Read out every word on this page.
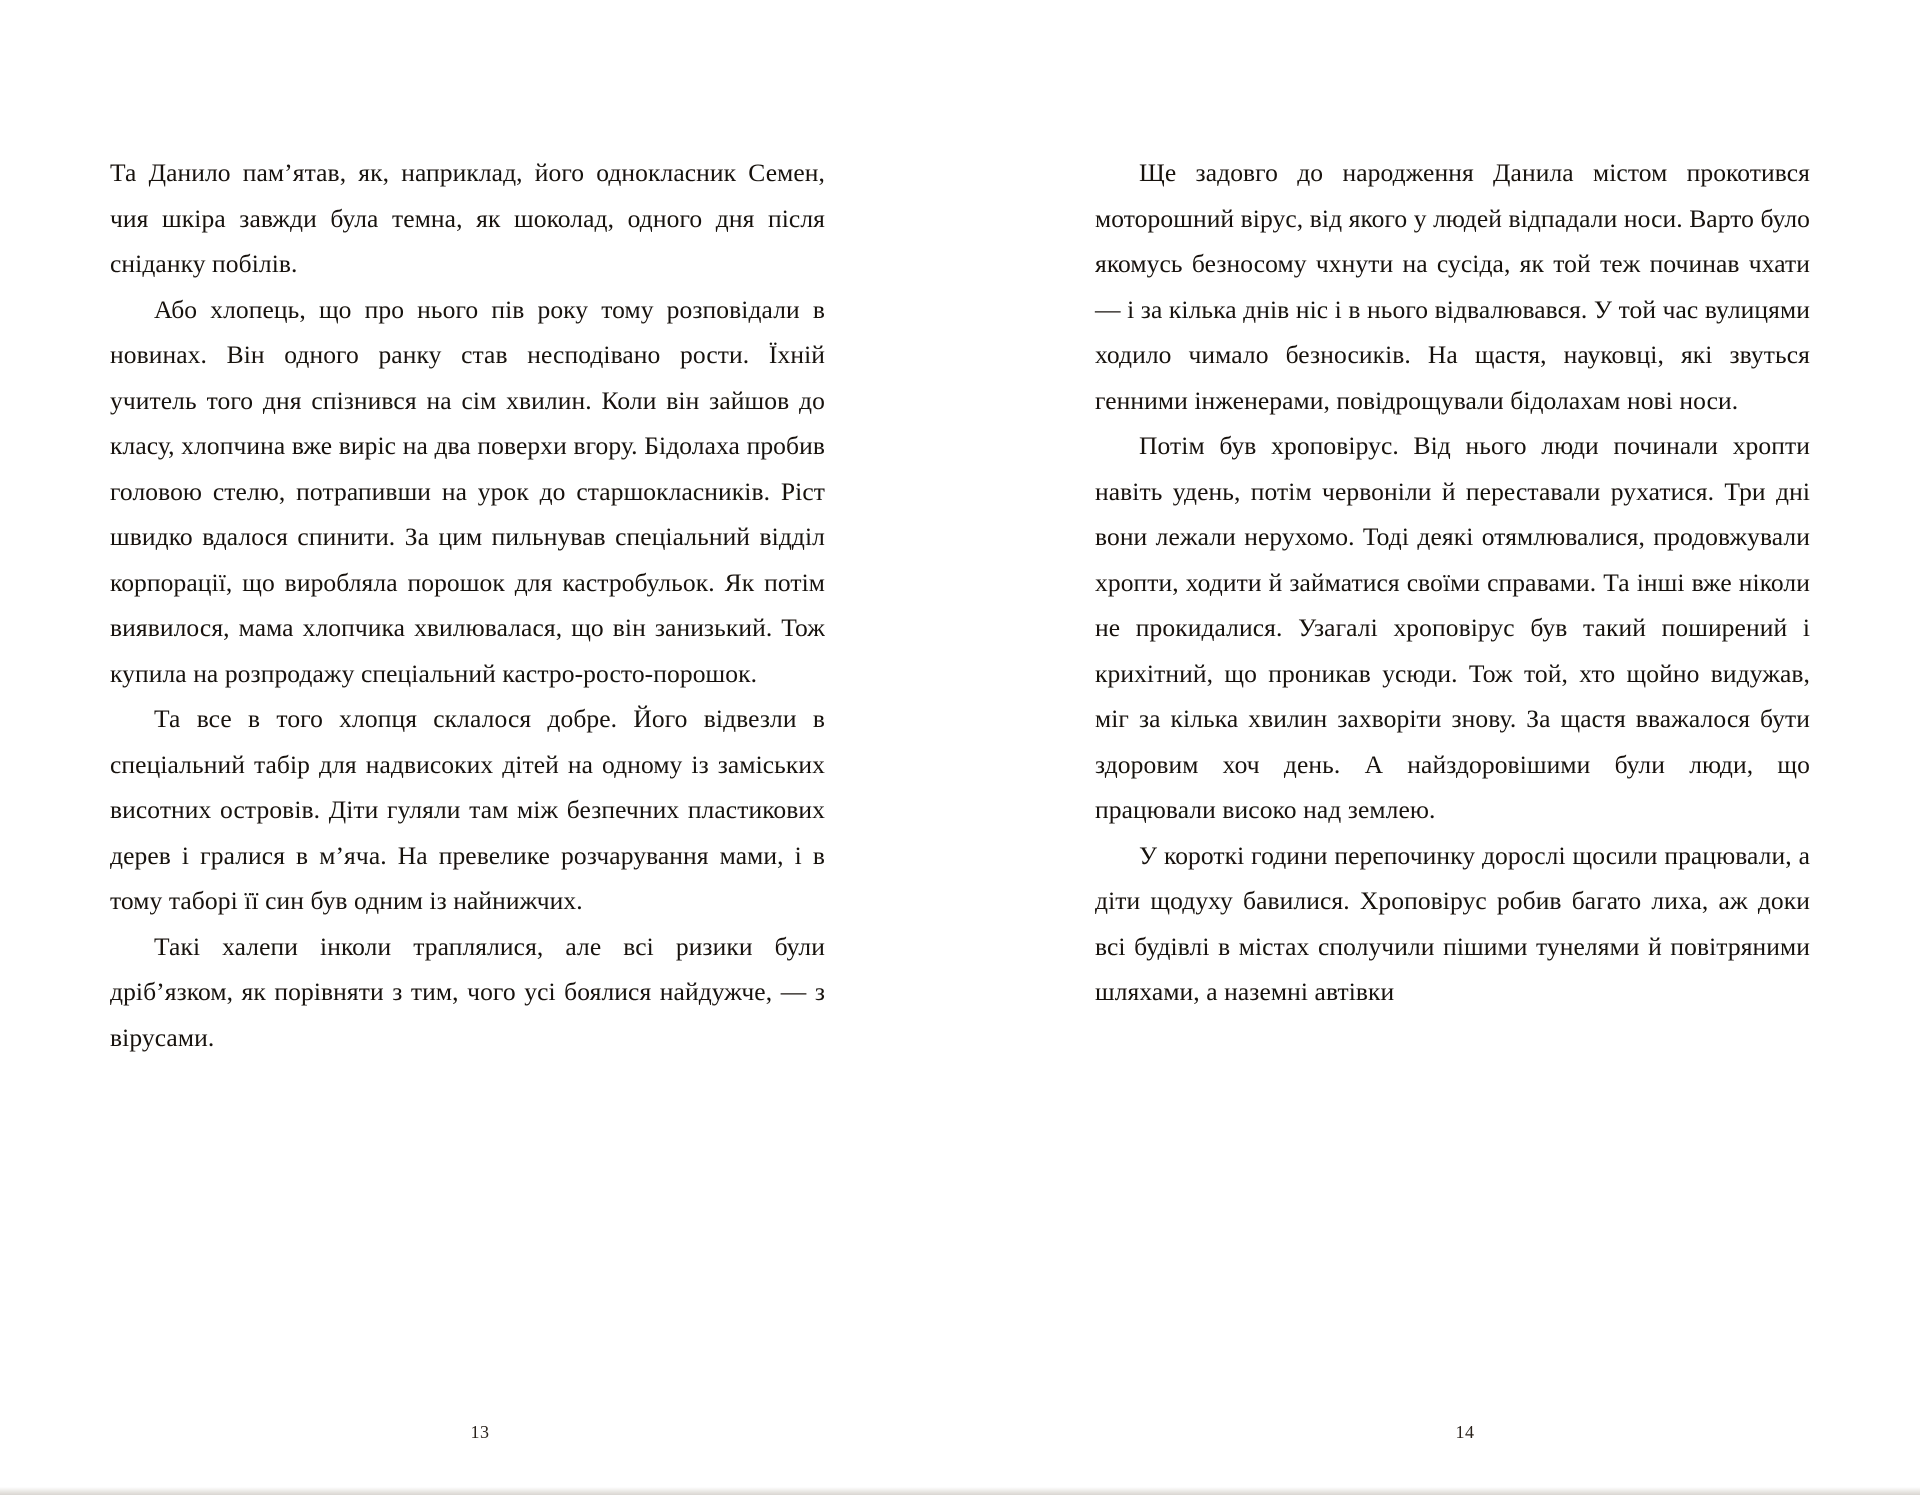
Та Данило пам’ятав, як, наприклад, його однокласник Семен, чия шкіра завжди була темна, як шоколад, одного дня після сніданку побілів.

Або хлопець, що про нього пів року тому розповідали в новинах. Він одного ранку став несподівано рости. Їхній учитель того дня спізнився на сім хвилин. Коли він зайшов до класу, хлопчина вже виріс на два поверхи вгору. Бідолаха пробив головою стелю, потрапивши на урок до старшокласників. Ріст швидко вдалося спинити. За цим пильнував спеціальний відділ корпорації, що виробляла порошок для кастробульок. Як потім виявилося, мама хлопчика хвилювалася, що він занизький. Тож купила на розпродажу спеціальний кастро-росто-порошок.

Та все в того хлопця склалося добре. Його відвезли в спеціальний табір для надвисоких дітей на одному із заміських висотних островів. Діти гуляли там між безпечних пластикових дерев і гралися в м’яча. На превелике розчарування мами, і в тому таборі її син був одним із найнижчих.

Такі халепи інколи траплялися, але всі ризики були дріб’язком, як порівняти з тим, чого усі боялися найдужче, — з вірусами.

13

Ще задовго до народження Данила містом прокотився моторошний вірус, від якого у людей відпадали носи. Варто було якомусь безносому чхнути на сусіда, як той теж починав чхати — і за кілька днів ніс і в нього відвалювався. У той час вулицями ходило чимало безносиків. На щастя, науковці, які звуться генними інженерами, повідрощували бідолахам нові носи.

Потім був хроповірус. Від нього люди починали хропти навіть удень, потім червоніли й переставали рухатися. Три дні вони лежали нерухомо. Тоді деякі отямлювалися, продовжували хропти, ходити й займатися своїми справами. Та інші вже ніколи не прокидалися. Узагалі хроповірус був такий поширений і крихітний, що проникав усюди. Тож той, хто щойно видужав, міг за кілька хвилин захворіти знову. За щастя вважалося бути здоровим хоч день. А найздоровішими були люди, що працювали високо над землею.

У короткі години перепочинку дорослі щосили працювали, а діти щодуху бавилися. Хроповірус робив багато лиха, аж доки всі будівлі в містах сполучили пішими тунелями й повітряними шляхами, а наземні автівки

14
